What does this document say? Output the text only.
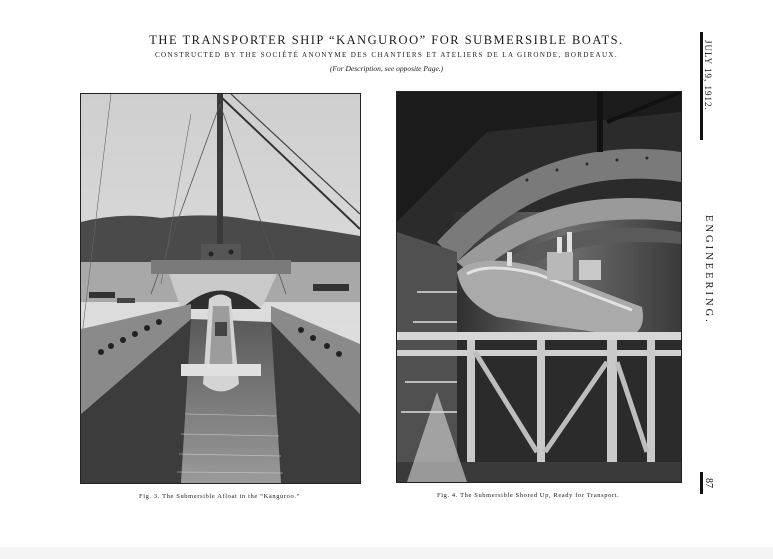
THE TRANSPORTER SHIP “KANGUROO” FOR SUBMERSIBLE BOATS.
CONSTRUCTED BY THE SOCIÉTÉ ANONYME DES CHANTIERS ET ATELIERS DE LA GIRONDE, BORDEAUX.
(For Description, see opposite Page.)	JULY 19, 1912.
ENGINEERING.
87
Fig. 3. The Submersible Afloat in the “Kanguroo.”	Fig. 4. The Submersible Shored Up, Ready for Transport.
